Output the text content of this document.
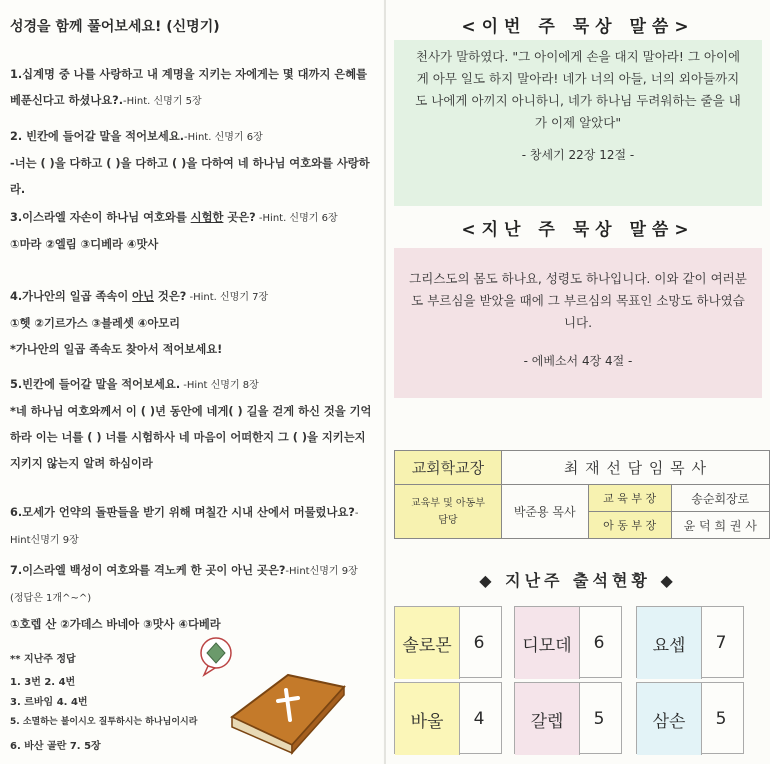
성경을 함께 풀어보세요! (신명기)
1.십계명 중 나를 사랑하고 내 계명을 지키는 자에게는 몇 대까지 은혜를 베푼신다고 하셨나요?.-Hint. 신명기 5장
2. 빈칸에 들어갈 말을 적어보세요.-Hint. 신명기 6장
-너는 ( )을 다하고 ( )을 다하고 ( )을 다하여 네 하나님 여호와를 사랑하라.
3.이스라엘 자손이 하나님 여호와를 시험한 곳은? -Hint. 신명기 6장
①마라 ②엘림 ③디베라 ④맛사
4.가나안의 일곱 족속이 아닌 것은? -Hint. 신명기 7장
①헷 ②기르가스 ③블레셋 ④아모리
*가나안의 일곱 족속도 찾아서 적어보세요!
5.빈칸에 들어갈 말을 적어보세요. -Hint 신명기 8장
*네 하나님 여호와께서 이 ( )년 동안에 네게( ) 길을 걷게 하신 것을 기억하라 이는 너를 ( ) 너를 시험하사 네 마음이 어떠한지 그 ( )을 지키는지 지키지 않는지 알려 하심이라
6.모세가 언약의 돌판들을 받기 위해 며칠간 시내 산에서 머물렀나요?-Hint신명기 9장
7.이스라엘 백성이 여호와를 격노케 한 곳이 아닌 곳은?-Hint신명기 9장 (정답은 1개^~^)
①호렙 산 ②가데스 바네아 ③맛사 ④다베라
** 지난주 정답
1. 3번 2. 4번
3. 르바임 4. 4번
5. 소멸하는 불이시오 질투하시는 하나님이시라
6. 바산 골란 7. 5장
<이번 주 묵상 말씀>
천사가 말하였다. "그 아이에게 손을 대지 말아라! 그 아이에게 아무 일도 하지 말아라! 네가 너의 아들, 너의 외아들까지도 나에게 아끼지 아니하니, 네가 하나님 두려워하는 줄을 내가 이제 알았다"
- 창세기 22장 12절 -
<지난 주 묵상 말씀>
그리스도의 몸도 하나요, 성령도 하나입니다. 이와 같이 여러분도 부르심을 받았을 때에 그 부르심의 목표인 소망도 하나였습니다.
- 에베소서 4장 4절 -
교회학교장	최 재 선 담 임 목 사		
교육부 및 아동부 담당	박준용 목사	교 육 부 장	송순회장로
		아 동 부 장	윤 덕 희 권 사
◆ 지난주 출석현황 ◆
솔로몬	6	디모데	6	요셉	7
바울	4	갈렙	5	삼손	5
